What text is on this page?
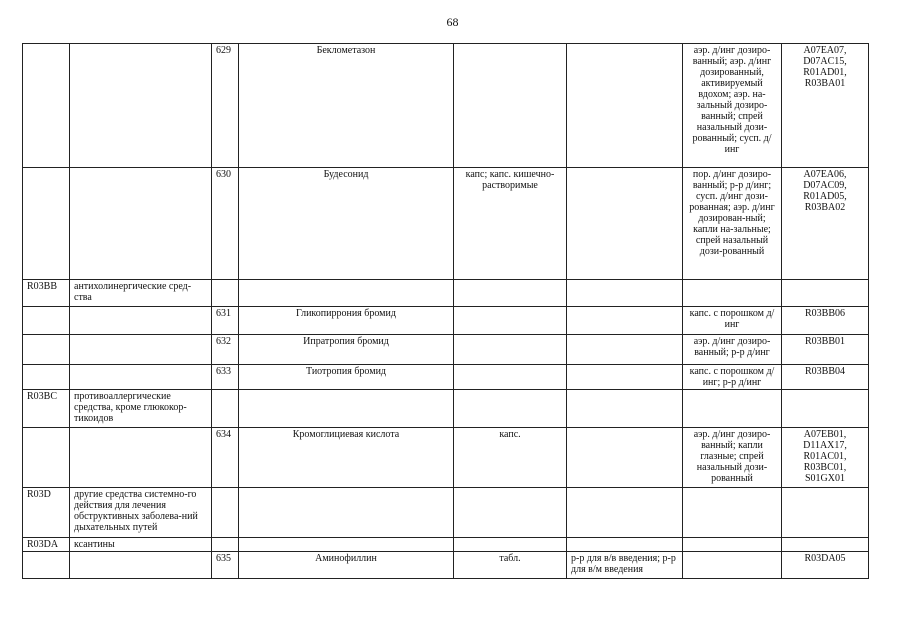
68
		629	Беклометазон			аэр. д/инг дозиро-ванный; аэр. д/инг дозированный, активируемый вдохом; аэр. на-зальный дозиро-ванный; спрей назальный дози-рованный; сусп. д/инг	A07EA07, D07AC15, R01AD01, R03BA01
		630	Будесонид	капс; капс. кишечно-растворимые		пор. д/инг дозиро-ванный; р-р д/инг; сусп. д/инг дози-рованная; аэр. д/инг дозирован-ный; капли на-зальные; спрей назальный дози-рованный	A07EA06, D07AC09, R01AD05, R03BA02
R03BB	антихолинергические сред-ства						
		631	Гликопиррония бромид			капс. с порошком д/инг	R03BB06
		632	Ипратропия бромид			аэр. д/инг дозиро-ванный; р-р д/инг	R03BB01
		633	Тиотропия бромид			капс. с порошком д/инг; р-р д/инг	R03BB04
R03BC	противоаллергические средства, кроме глюкокор-тикоидов						
		634	Кромоглициевая кислота	капс.		аэр. д/инг дозиро-ванный; капли глазные; спрей назальный дози-рованный	A07EB01, D11AX17, R01AC01, R03BC01, S01GX01
R03D	другие средства системно-го действия для лечения обструктивных заболева-ний дыхательных путей						
R03DA	ксантины						
		635	Аминофиллин	табл.	р-р для в/в введения; р-р для в/м введения		R03DA05
